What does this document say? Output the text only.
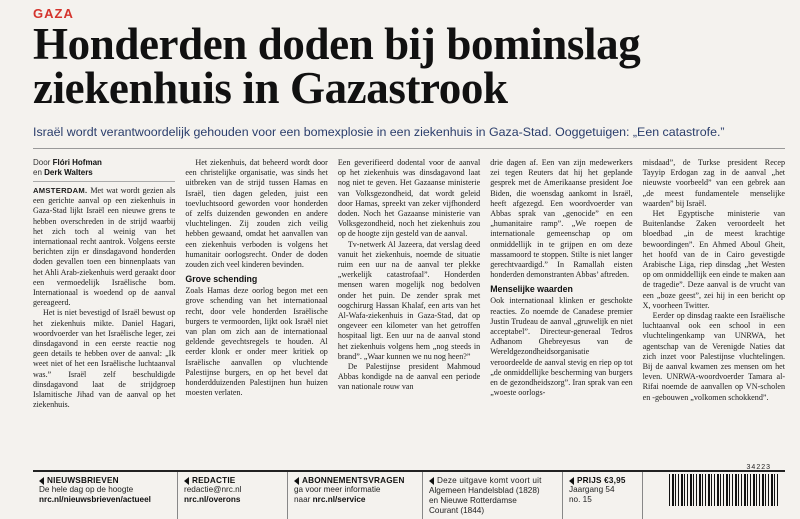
GAZA
Honderden doden bij bominslag
ziekenhuis in Gazastrook
Israël wordt verantwoordelijk gehouden voor een bomexplosie in een ziekenhuis in Gaza-Stad. Ooggetuigen: „Een catastrofe.”
Door Flóri Hofman
en Derk Walters

AMSTERDAM. Met wat wordt gezien als een gerichte aanval op een ziekenhuis in Gaza-Stad lijkt Israël een nieuwe grens te hebben overschreden in de strijd waarbij het zich toch al weinig van het internationaal recht aantrok. Volgens eerste berichten zijn er dinsdagavond honderden doden gevallen toen een binnenplaats van het Ahli Arab-ziekenhuis werd geraakt door een vermoedelijk Israëlische bom. Internationaal is woedend op de aanval gereageerd.

Het is niet bevestigd of Israël bewust op het ziekenhuis mikte. Daniel Hagari, woordvoerder van het Israëlische leger, zei dinsdagavond in een eerste reactie nog geen details te hebben over de aanval: „Ik weet niet of het een Israëlische luchtaanval was.” Israël zelf beschuldigde dinsdagavond laat de strijdgroep Islamitische Jihad van de aanval op het ziekenhuis.

Het ziekenhuis, dat beheerd wordt door een christelijke organisatie, was sinds het uitbreken van de strijd tussen Hamas en Israël, tien dagen geleden, juist een toevluchtsoord geworden voor honderden of zelfs duizenden gewonden en andere vluchtelingen. Zij zouden zich veilig hebben gewaand, omdat het aanvallen van een ziekenhuis verboden is volgens het humanitair oorlogsrecht. Onder de doden zouden zich veel kinderen bevinden.

Grove schending

Zoals Hamas deze oorlog begon met een grove schending van het internationaal recht, door vele honderden Israëlische burgers te vermoorden, lijkt ook Israël niet van plan om zich aan de internationaal geldende gevechtsregels te houden. Al eerder klonk er onder meer kritiek op Israëlische aanvallen op vluchtende Palestijnse burgers, en op het bevel dat honderdduizenden Palestijnen hun huizen moesten verlaten.

Een geverifieerd dodental voor de aanval op het ziekenhuis was dinsdagavond laat nog niet te geven. Het Gazaanse ministerie van Volksgezondheid, dat wordt geleid door Hamas, spreekt van zeker vijfhonderd doden. Noch het Gazaanse ministerie van Volksgezondheid, noch het ziekenhuis zou op de hoogte zijn gesteld van de aanval.

Tv-netwerk Al Jazeera, dat verslag deed vanuit het ziekenhuis, noemde de situatie ruim een uur na de aanval ter plekke „werkelijk catastrofaal”. Honderden mensen waren mogelijk nog bedolven onder het puin. De zender sprak met oogchirurg Hassan Khalaf, een arts van het Al-Wafa-ziekenhuis in Gaza-Stad, dat op ongeveer een kilometer van het getroffen hospitaal ligt. Een uur na de aanval stond het ziekenhuis volgens hem „nog steeds in brand”. „Waar kunnen we nu nog heen?”

De Palestijnse president Mahmoud Abbas kondigde na de aanval een periode van nationale rouw van

drie dagen af. Een van zijn medewerkers zei tegen Reuters dat hij het geplande gesprek met de Amerikaanse president Joe Biden, die woensdag aankomt in Israël, heeft afgezegd. Een woordvoerder van Abbas sprak van „genocide” en een „humanitaire ramp”. „We roepen de internationale gemeenschap op om onmiddellijk in te grijpen en om deze massamoord te stoppen. Stilte is niet langer gerechtvaardigd.” In Ramallah eisten honderden demonstranten Abbas’ aftreden.

Menselijke waarden

Ook internationaal klinken er geschokte reacties. Zo noemde de Canadese premier Justin Trudeau de aanval „gruwelijk en niet acceptabel”. Directeur-generaal Tedros Adhanom Ghebreyesus van de Wereldgezondheidsorganisatie veroordeelde de aanval stevig en riep op tot „de onmiddellijke bescherming van burgers en de gezondheidszorg”. Iran sprak van een „woeste oorlogs-

misdaad”, de Turkse president Recep Tayyip Erdogan zag in de aanval „het nieuwste voorbeeld” van een gebrek aan „de meest fundamentele menselijke waarden” bij Israël.

Het Egyptische ministerie van Buitenlandse Zaken veroordeelt het bloedbad „in de meest krachtige bewoordingen”. En Ahmed Aboul Gheit, het hoofd van de in Cairo gevestigde Arabische Liga, riep dinsdag „het Westen op om onmiddellijk een einde te maken aan de tragedie”. Deze aanval is de vrucht van een „boze geest”, zei hij in een bericht op X, voorheen Twitter.

Eerder op dinsdag raakte een Israëlische luchtaanval ook een school in een vluchtelingenkamp van UNRWA, het agentschap van de Verenigde Naties dat zich inzet voor Palestijnse vluchtelingen. Bij de aanval kwamen zes mensen om het leven. UNRWA-woordvoerder Tamara al-Rifai noemde de aanvallen op VN-scholen en -gebouwen „volkomen schokkend”.

NIEUWSBRIEVEN
De hele dag op de hoogte
nrc.nl/nieuwsbrieven/actueel
REDACTIE
redactie@nrc.nl
nrc.nl/overons
ABONNEMENTSVRAGEN
ga voor meer informatie
naar nrc.nl/service
Deze uitgave komt voort uit
Algemeen Handelsblad (1828)
en Nieuwe Rotterdamse
Courant (1844)
PRIJS €3,95
Jaargang 54
no. 15
34223
